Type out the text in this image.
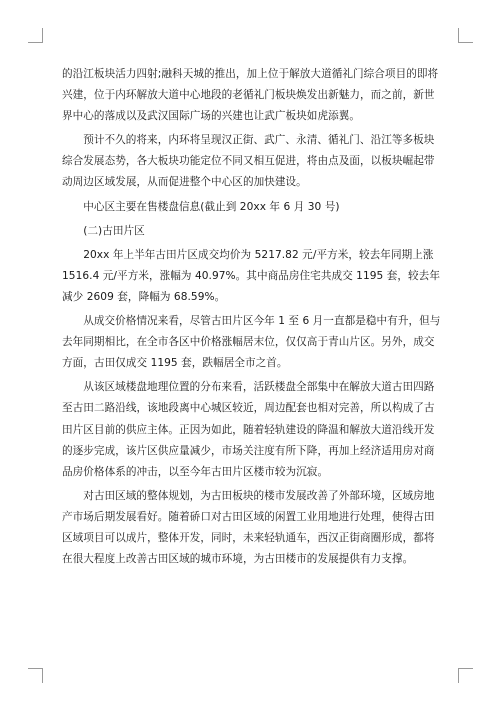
的沿江板块活力四射;融科天城的推出，加上位于解放大道循礼门综合项目的即将兴建，位于内环解放大道中心地段的老循礼门板块焕发出新魅力，而之前，新世界中心的落成以及武汉国际广场的兴建也让武广板块如虎添翼。

预计不久的将来，内环将呈现汉正街、武广、永清、循礼门、沿江等多板块综合发展态势，各大板块功能定位不同又相互促进，将由点及面，以板块崛起带动周边区域发展，从而促进整个中心区的加快建设。

中心区主要在售楼盘信息(截止到 20xx 年 6 月 30 号)

(二)古田片区

20xx 年上半年古田片区成交均价为 5217.82 元/平方米，较去年同期上涨 1516.4 元/平方米，涨幅为 40.97%。其中商品房住宅共成交 1195 套，较去年减少 2609 套，降幅为 68.59%。

从成交价格情况来看，尽管古田片区今年 1 至 6 月一直都是稳中有升，但与去年同期相比，在全市各区中价格涨幅居末位，仅仅高于青山片区。另外，成交方面，古田仅成交 1195 套，跌幅居全市之首。

从该区域楼盘地理位置的分布来看，活跃楼盘全部集中在解放大道古田四路至古田二路沿线，该地段离中心城区较近，周边配套也相对完善，所以构成了古田片区目前的供应主体。正因为如此，随着轻轨建设的降温和解放大道沿线开发的逐步完成，该片区供应量减少，市场关注度有所下降，再加上经济适用房对商品房价格体系的冲击，以至今年古田片区楼市较为沉寂。

对古田区域的整体规划，为古田板块的楼市发展改善了外部环境，区域房地产市场后期发展看好。随着硚口对古田区域的闲置工业用地进行处理，使得古田区域项目可以成片，整体开发，同时，未来轻轨通车，西汉正街商圈形成，都将在很大程度上改善古田区域的城市环境，为古田楼市的发展提供有力支撑。
